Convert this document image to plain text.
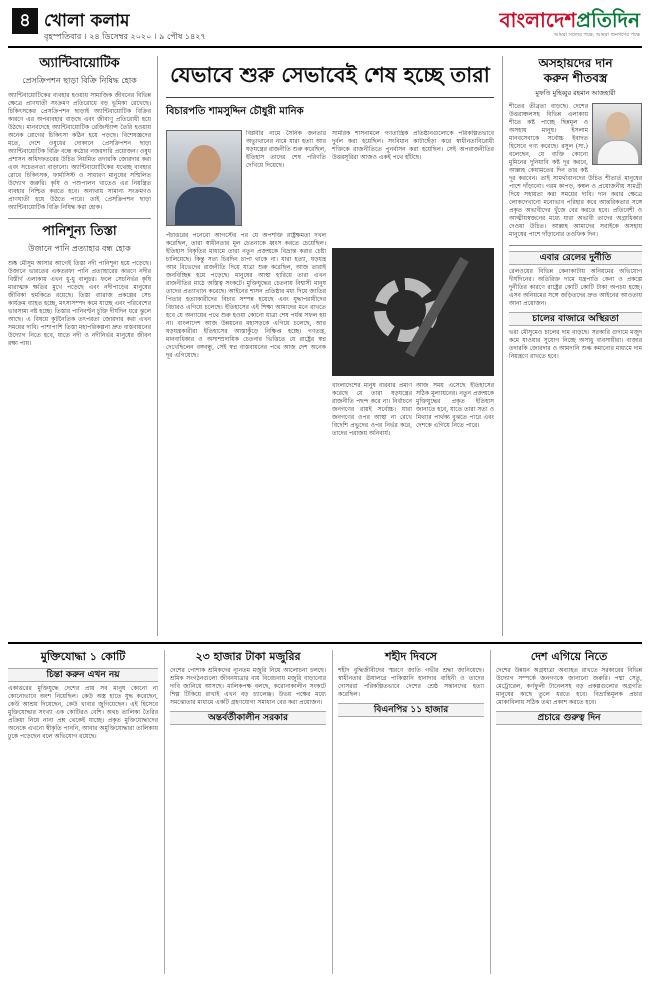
৪ খোলা কলাম
বৃহস্পতিবার । ২৪ ডিসেম্বর ২০২০ । ৯ পৌষ ১৪২৭
বাংলাদেশপ্রতিদিন
আমরা সত্যের পক্ষে, আমরা জনগণের পক্ষে
অ্যান্টিবায়োটিক
প্রেসক্রিপশন ছাড়া বিক্রি নিষিদ্ধ হোক
অ্যান্টিবায়োটিকের ব্যবহার হওয়ায় সামাজিক জীবনের বিভিন্ন ক্ষেত্রে প্রাণঘাতী সংক্রমণ প্রতিরোধে বড় ভূমিকা রেখেছে। চিকিৎসকের প্রেসক্রিপশন ছাড়াই অ্যান্টিবায়োটিক বিক্রির কারণে এর অপব্যবহার বাড়ছে এবং জীবাণু প্রতিরোধী হয়ে উঠছে। মানবদেহে অ্যান্টিবায়োটিক রেজিস্ট্যান্স তৈরি হওয়ায় অনেক রোগের চিকিৎসা কঠিন হয়ে পড়ছে। বিশেষজ্ঞদের মতে, দেশে ওষুধের দোকানে প্রেসক্রিপশন ছাড়া অ্যান্টিবায়োটিক বিক্রি বন্ধে কঠোর নজরদারি প্রয়োজন। ওষুধ প্রশাসন অধিদফতরের উচিত নিয়মিত তদারকি জোরদার করা এবং সচেতনতা বাড়ানো। অ্যান্টিবায়োটিকের যথেচ্ছ ব্যবহার রোধে চিকিৎসক, ফার্মাসিস্ট ও সাধারণ মানুষের সম্মিলিত উদ্যোগ জরুরি। কৃষি ও পশুপালন খাতেও এর নিয়ন্ত্রিত ব্যবহার নিশ্চিত করতে হবে। অন্যথায় সামান্য সংক্রমণও প্রাণঘাতী হয়ে উঠতে পারে। তাই প্রেসক্রিপশন ছাড়া অ্যান্টিবায়োটিক বিক্রি নিষিদ্ধ করা হোক।
পানিশূন্য তিস্তা
উজানে পানি প্রত্যাহার বন্ধ হোক
শুষ্ক মৌসুম আসার আগেই তিস্তা নদী পানিশূন্য হয়ে পড়েছে। উজানে ভারতের একতরফা পানি প্রত্যাহারের কারণে নদীর বিস্তীর্ণ এলাকায় এখন ধু-ধু বালুচর। ফলে সেচনির্ভর কৃষি মারাত্মক ক্ষতির মুখে পড়েছে এবং নদীপাড়ের মানুষের জীবিকা হুমকিতে রয়েছে। তিস্তা ব্যারাজ প্রকল্পের সেচ কার্যক্রম ব্যাহত হচ্ছে, মৎস্যসম্পদ কমে যাচ্ছে এবং পরিবেশের ভারসাম্য নষ্ট হচ্ছে। তিস্তার পানিবণ্টন চুক্তি দীর্ঘদিন ধরে ঝুলে আছে। এ বিষয়ে কূটনৈতিক তৎপরতা জোরদার করা এখন সময়ের দাবি। পাশাপাশি তিস্তা মহাপরিকল্পনা দ্রুত বাস্তবায়নের উদ্যোগ নিতে হবে, যাতে নদী ও নদীনির্ভর মানুষের জীবন রক্ষা পায়।
যেভাবে শুরু সেভাবেই শেষ হচ্ছে তারা
বিচারপতি শামসুদ্দিন চৌধুরী মানিক
বিপ্লবীর নামে সৈনিক জনতার অভ্যুত্থানের নামে যারা হত্যা আর ষড়যন্ত্রের রাজনীতি শুরু করেছিল, ইতিহাস তাদের শেষ পরিণতি দেখিয়ে দিয়েছে।
পঁচাত্তরের পনেরো আগস্টের পর যে অপশক্তি রাষ্ট্রক্ষমতা দখল করেছিল, তারা স্বাধীনতার মূল চেতনাকে ধ্বংস করতে চেয়েছিল। ইতিহাস বিকৃতির মাধ্যমে তারা নতুন প্রজন্মকে বিভ্রান্ত করার চেষ্টা চালিয়েছে। কিন্তু সত্য চিরদিন চাপা থাকে না। যারা হত্যা, ষড়যন্ত্র আর বিভেদের রাজনীতি দিয়ে যাত্রা শুরু করেছিল, আজ তারাই জনবিচ্ছিন্ন হয়ে পড়েছে। মানুষের আস্থা হারিয়ে তারা এখন রাজনীতির মাঠে অস্তিত্ব সংকটে। মুক্তিযুদ্ধের চেতনায় বিশ্বাসী মানুষ তাদের প্রত্যাখ্যান করেছে। আইনের শাসন প্রতিষ্ঠার মধ্য দিয়ে জাতির পিতার হত্যাকারীদের বিচার সম্পন্ন হয়েছে এবং যুদ্ধাপরাধীদের বিচারও এগিয়ে চলেছে। ইতিহাসের এই শিক্ষা আমাদের মনে রাখতে হবে যে অন্যায়ের পথে শুরু হওয়া কোনো যাত্রা শেষ পর্যন্ত সফল হয় না। বাংলাদেশ আজ উন্নয়নের মহাসড়কে এগিয়ে চলেছে, আর ষড়যন্ত্রকারীরা ইতিহাসের আস্তাকুঁড়ে নিক্ষিপ্ত হচ্ছে। গণতন্ত্র, মানবাধিকার ও অসাম্প্রদায়িক চেতনার ভিত্তিতে যে রাষ্ট্রের স্বপ্ন দেখেছিলেন বঙ্গবন্ধু, সেই স্বপ্ন বাস্তবায়নের পথে আজ দেশ অনেক দূর এগিয়েছে।
সামরিক শাসনামলে গণতান্ত্রিক প্রতিষ্ঠানগুলোকে পরিকল্পিতভাবে দুর্বল করা হয়েছিল। সংবিধান কাটাছেঁড়া করে স্বাধীনতাবিরোধী শক্তিকে রাজনীতিতে পুনর্বাসন করা হয়েছিল। সেই অপরাজনীতির উত্তরসূরিরা আজও একই পথে হাঁটছে।
বাংলাদেশের মানুষ বারবার প্রমাণ করেছে যে তারা ষড়যন্ত্রের রাজনীতি পছন্দ করে না। নির্বাচনে জনগণের রায়ই সর্বোচ্চ। যারা জনগণের ওপর আস্থা না রেখে বিদেশি প্রভুদের ওপর নির্ভর করে, তাদের পরাজয় অনিবার্য।
আজ সময় এসেছে ইতিহাসের সঠিক মূল্যায়নের। নতুন প্রজন্মকে মুক্তিযুদ্ধের প্রকৃত ইতিহাস জানাতে হবে, যাতে তারা সত্য ও মিথ্যার পার্থক্য বুঝতে পারে এবং দেশকে এগিয়ে নিতে পারে।
অসহায়দের দান
করুন শীতবস্ত্র
মুফতি মুহিব্বুর রহমান আজহারী
শীতের তীব্রতা বাড়ছে। দেশের উত্তরাঞ্চলসহ বিভিন্ন এলাকায় শীতে কষ্ট পাচ্ছে ছিন্নমূল ও অসহায় মানুষ। ইসলাম মানবসেবাকে সর্বোচ্চ ইবাদত হিসেবে গণ্য করেছে। রসুল (সা.) বলেছেন, যে ব্যক্তি কোনো মুমিনের দুনিয়াবি কষ্ট দূর করবে, আল্লাহ কেয়ামতের দিন তার কষ্ট দূর করবেন। তাই সামর্থ্যবানদের উচিত শীতার্ত মানুষের পাশে দাঁড়ানো। গরম কাপড়, কম্বল ও প্রয়োজনীয় সামগ্রী দিয়ে সহায়তা করা সময়ের দাবি। দান করার ক্ষেত্রে লোকদেখানো মনোভাব পরিহার করে আন্তরিকতার সঙ্গে প্রকৃত অভাবীদের খুঁজে বের করতে হবে। প্রতিবেশী ও আত্মীয়স্বজনের মধ্যে যারা অভাবী তাদের অগ্রাধিকার দেওয়া উচিত। আল্লাহ আমাদের সবাইকে অসহায় মানুষের পাশে দাঁড়ানোর তওফিক দিন।
এবার রেলের দুর্নীতি
রেলওয়ের বিভিন্ন কেনাকাটায় অনিয়মের অভিযোগ দীর্ঘদিনের। অতিরিক্ত দামে যন্ত্রপাতি কেনা ও প্রকল্পে দুর্নীতির কারণে রাষ্ট্রের কোটি কোটি টাকা অপচয় হচ্ছে। এসব অনিয়মের সঙ্গে জড়িতদের দ্রুত আইনের আওতায় আনা প্রয়োজন।
চালের বাজারে অস্থিরতা
ভরা মৌসুমেও চালের দাম বাড়ছে। সরকারি গুদামে মজুদ কমে যাওয়ার সুযোগ নিচ্ছে অসাধু ব্যবসায়ীরা। বাজার তদারকি জোরদার ও আমদানি শুল্ক কমানোর মাধ্যমে দাম নিয়ন্ত্রণে রাখতে হবে।
মুক্তিযোদ্ধা ১ কোটি
চিন্তা করুন এখন নয়
একাত্তরের মুক্তিযুদ্ধে দেশের প্রায় সব মানুষ কোনো না কোনোভাবে অংশ নিয়েছিল। কেউ অস্ত্র হাতে যুদ্ধ করেছেন, কেউ আশ্রয় দিয়েছেন, কেউ খাবার জুগিয়েছেন। এই হিসেবে মুক্তিযোদ্ধার সংখ্যা এক কোটিরও বেশি। অথচ তালিকা তৈরির প্রক্রিয়া নিয়ে নানা প্রশ্ন থেকেই যাচ্ছে। প্রকৃত মুক্তিযোদ্ধাদের অনেকে এখনো স্বীকৃতি পাননি, আবার অমুক্তিযোদ্ধারা তালিকায় ঢুকে পড়েছেন বলে অভিযোগ রয়েছে।
২৩ হাজার টাকা মজুরির
দেশের পোশাক শ্রমিকদের ন্যূনতম মজুরি নিয়ে আলোচনা চলছে। শ্রমিক সংগঠনগুলো জীবনযাত্রার ব্যয় বিবেচনায় মজুরি বাড়ানোর দাবি জানিয়ে আসছে। মালিকপক্ষ বলছে, করোনাকালীন সংকটে শিল্প টিকিয়ে রাখাই এখন বড় চ্যালেঞ্জ। উভয় পক্ষের মধ্যে সমঝোতার মাধ্যমে একটি গ্রহণযোগ্য সমাধান বের করা প্রয়োজন।
অন্তর্বর্তীকালীন সরকার
শহীদ দিবসে
শহীদ বুদ্ধিজীবীদের স্মরণে জাতি গভীর শ্রদ্ধা জানিয়েছে। স্বাধীনতার ঊষালগ্নে পাকিস্তানি হানাদার বাহিনী ও তাদের দোসররা পরিকল্পিতভাবে দেশের শ্রেষ্ঠ সন্তানদের হত্যা করেছিল।
বিএনপির ১১ হাজার
দেশ এগিয়ে নিতে
দেশের উন্নয়ন অগ্রযাত্রা অব্যাহত রাখতে সরকারের বিভিন্ন উদ্যোগ সম্পর্কে জনগণকে জানানো জরুরি। পদ্মা সেতু, মেট্রোরেল, কর্ণফুলী টানেলসহ বড় প্রকল্পগুলোর অগ্রগতি মানুষের কাছে তুলে ধরতে হবে। বিভ্রান্তিমূলক প্রচার মোকাবিলায় সঠিক তথ্য প্রকাশ করতে হবে।
প্রচারে গুরুত্ব দিন
